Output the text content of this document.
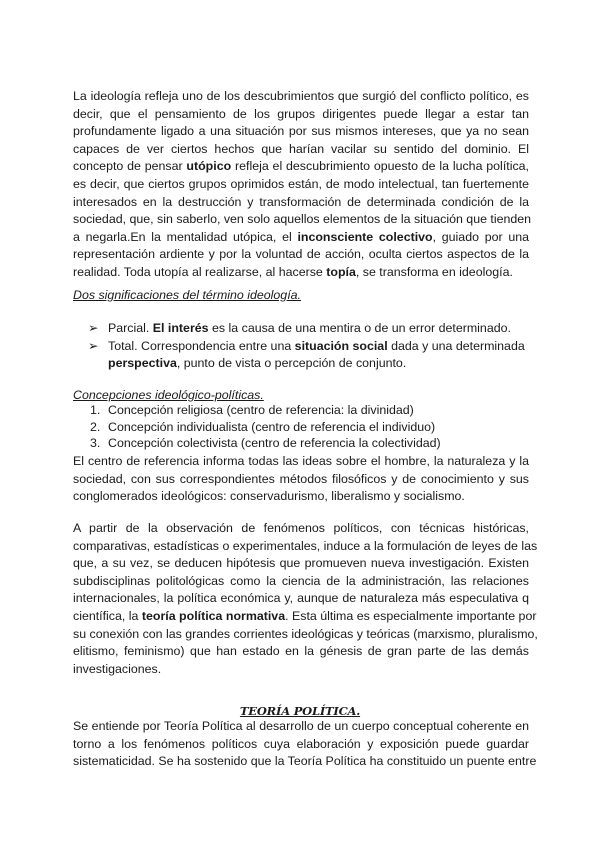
La ideología refleja uno de los descubrimientos que surgió del conflicto político, es
decir, que el pensamiento de los grupos dirigentes puede llegar a estar tan
profundamente ligado a una situación por sus mismos intereses, que ya no sean
capaces de ver ciertos hechos que harían vacilar su sentido del dominio. El
concepto de pensar utópico refleja el descubrimiento opuesto de la lucha política,
es decir, que ciertos grupos oprimidos están, de modo intelectual, tan fuertemente
interesados en la destrucción y transformación de determinada condición de la
sociedad, que, sin saberlo, ven solo aquellos elementos de la situación que tienden
a negarla.En la mentalidad utópica, el inconsciente colectivo, guiado por una
representación ardiente y por la voluntad de acción, oculta ciertos aspectos de la
realidad. Toda utopía al realizarse, al hacerse topía, se transforma en ideología.
Dos significaciones del término ideología.
➢ Parcial. El interés es la causa de una mentira o de un error determinado.
➢ Total. Correspondencia entre una situación social dada y una determinada
perspectiva, punto de vista o percepción de conjunto.
Concepciones ideológico-políticas.
1. Concepción religiosa (centro de referencia: la divinidad)
2. Concepción individualista (centro de referencia el individuo)
3. Concepción colectivista (centro de referencia la colectividad)
El centro de referencia informa todas las ideas sobre el hombre, la naturaleza y la
sociedad, con sus correspondientes métodos filosóficos y de conocimiento y sus
conglomerados ideológicos: conservadurismo, liberalismo y socialismo.
A partir de la observación de fenómenos políticos, con técnicas históricas,
comparativas, estadísticas o experimentales, induce a la formulación de leyes de las
que, a su vez, se deducen hipótesis que promueven nueva investigación. Existen
subdisciplinas politológicas como la ciencia de la administración, las relaciones
internacionales, la política económica y, aunque de naturaleza más especulativa q
científica, la teoría política normativa. Esta última es especialmente importante por
su conexión con las grandes corrientes ideológicas y teóricas (marxismo, pluralismo,
elitismo, feminismo) que han estado en la génesis de gran parte de las demás
investigaciones.
TEORÍA POLÍTICA.
Se entiende por Teoría Política al desarrollo de un cuerpo conceptual coherente en
torno a los fenómenos políticos cuya elaboración y exposición puede guardar
sistematicidad. Se ha sostenido que la Teoría Política ha constituido un puente entre
